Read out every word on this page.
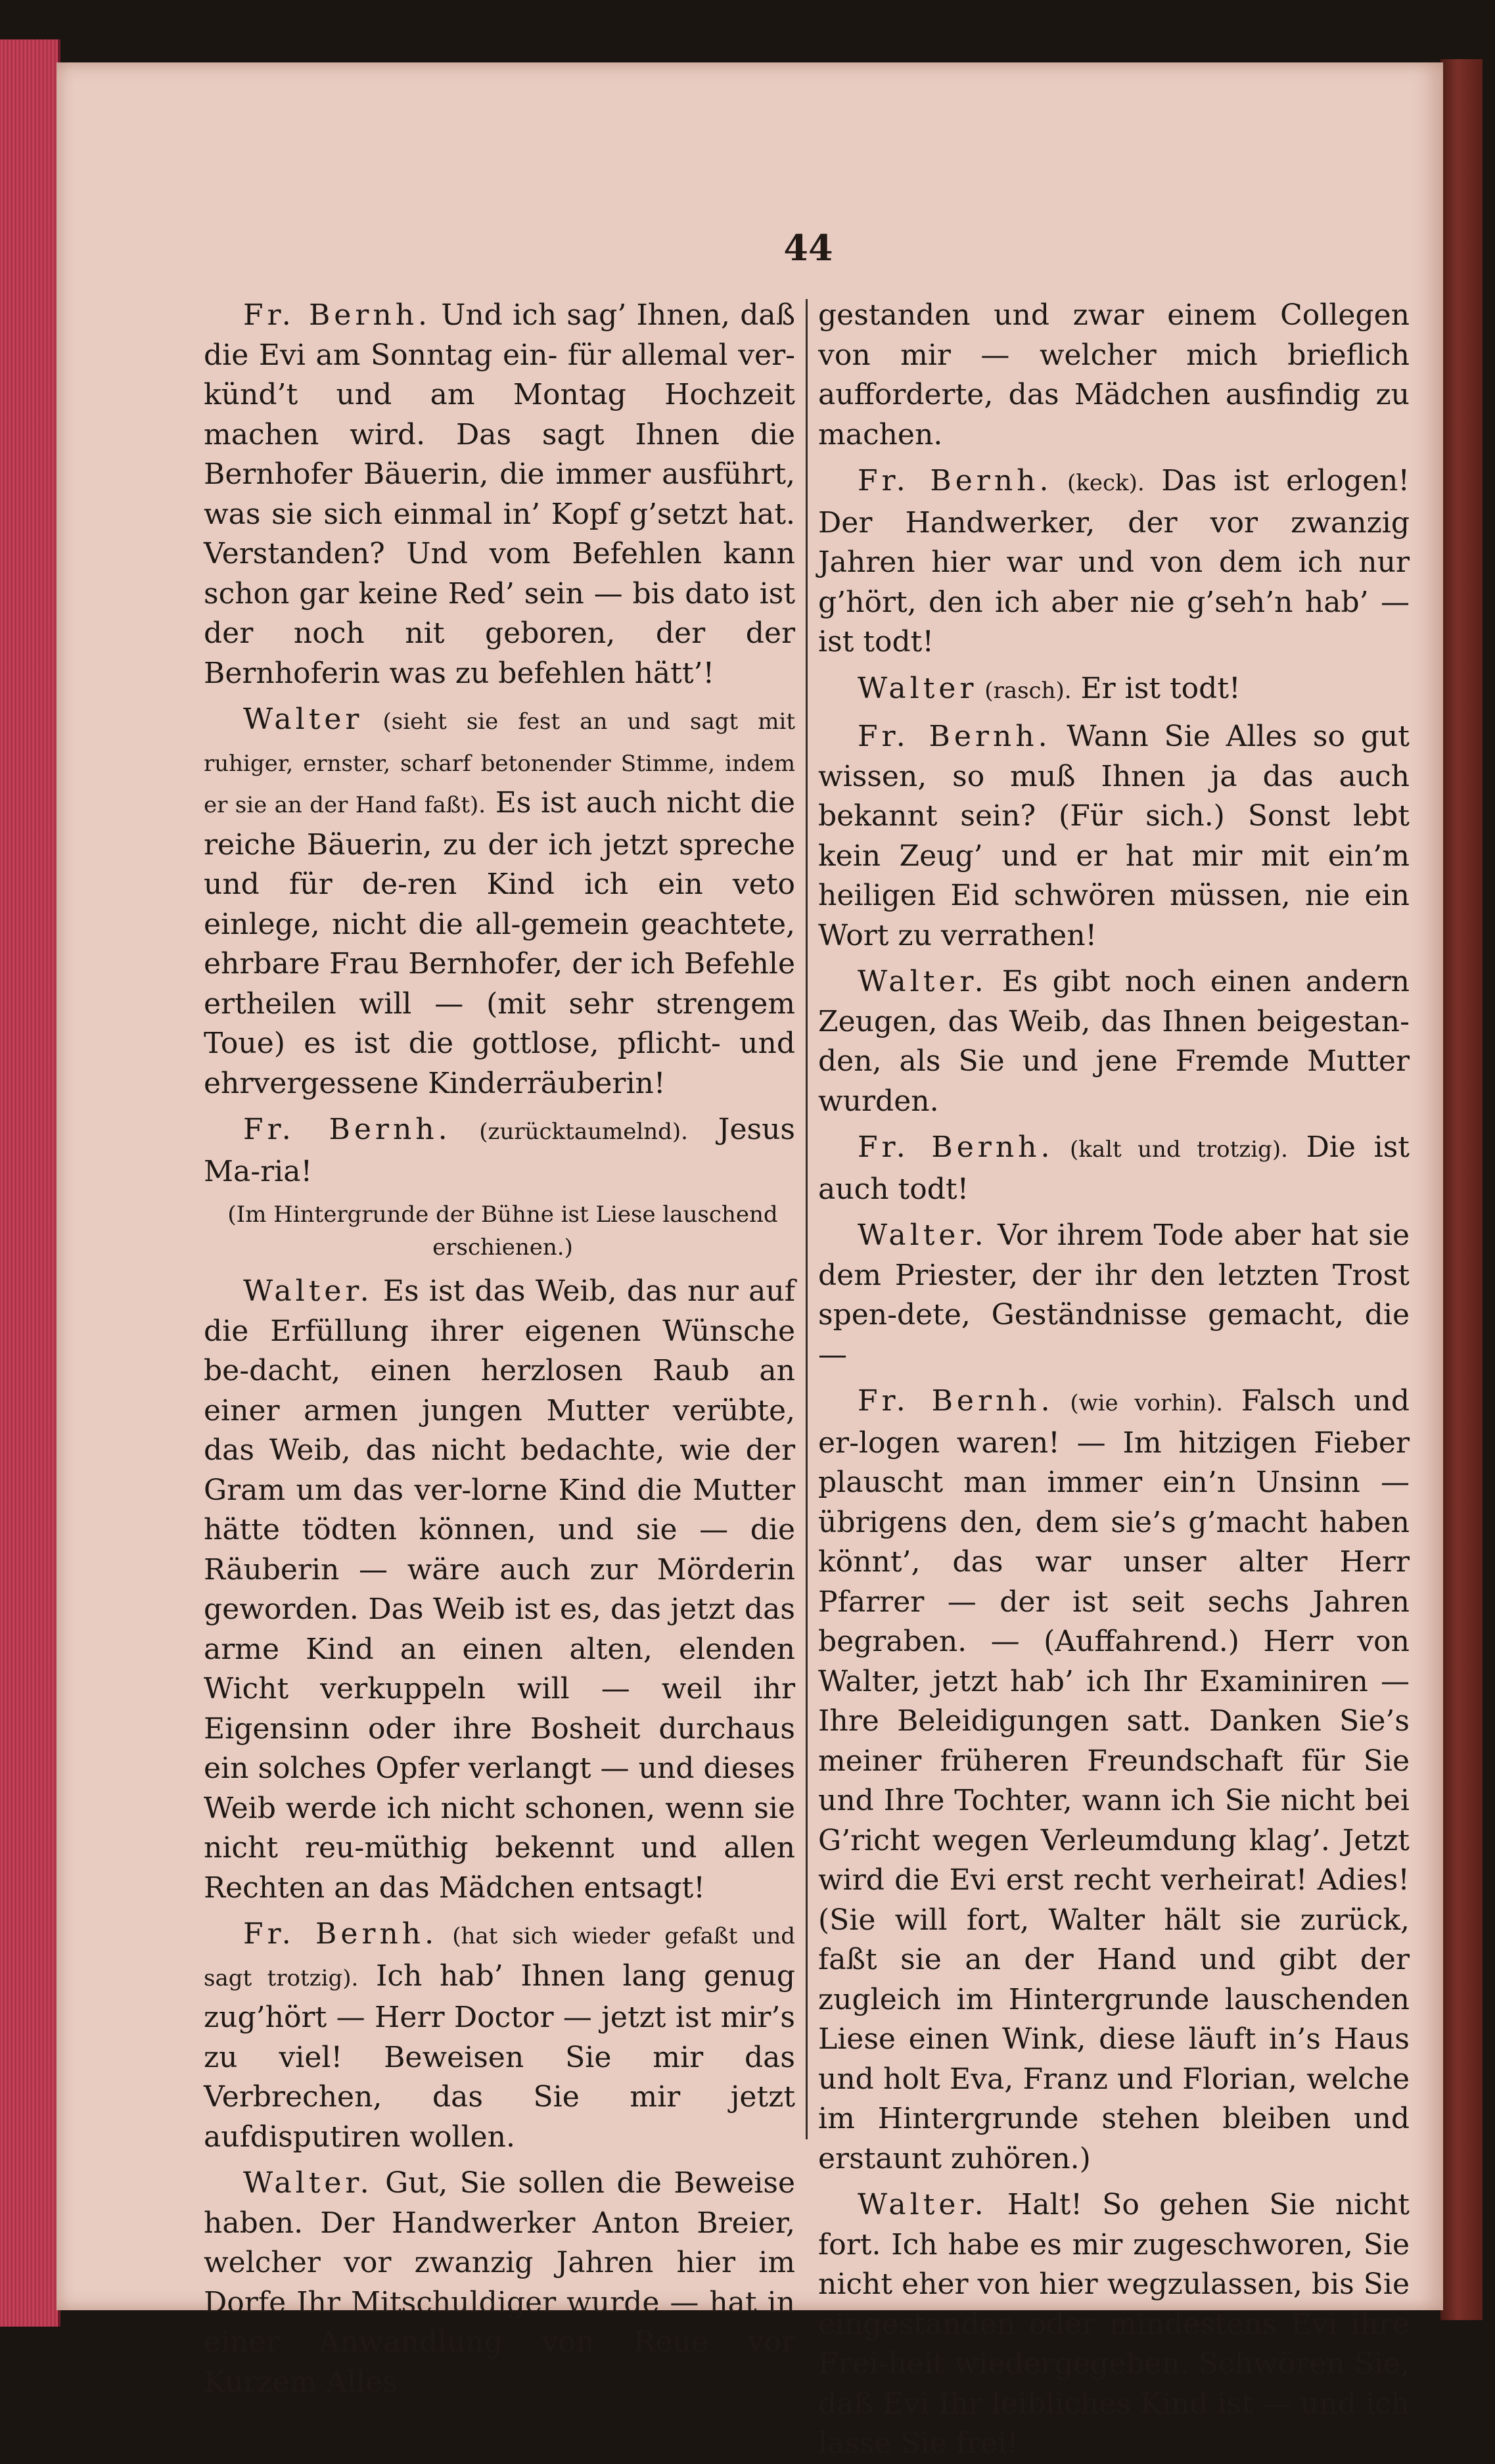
44

Fr. Bernh. Und ich sag’ Ihnen, daß die Evi am Sonntag ein- für allemal ver-künd’t und am Montag Hochzeit machen wird. Das sagt Ihnen die Bernhofer Bäuerin, die immer ausführt, was sie sich einmal in’ Kopf g’setzt hat. Verstanden? Und vom Befehlen kann schon gar keine Red’ sein — bis dato ist der noch nit geboren, der der Bernhoferin was zu befehlen hätt’!

Walter (sieht sie fest an und sagt mit ruhiger, ernster, scharf betonender Stimme, indem er sie an der Hand faßt). Es ist auch nicht die reiche Bäuerin, zu der ich jetzt spreche und für de-ren Kind ich ein veto einlege, nicht die all-gemein geachtete, ehrbare Frau Bernhofer, der ich Befehle ertheilen will — (mit sehr strengem Toue) es ist die gottlose, pflicht- und ehrvergessene Kinderräuberin!

Fr. Bernh. (zurücktaumelnd). Jesus Ma-ria!

(Im Hintergrunde der Bühne ist Liese lauschend erschienen.)

Walter. Es ist das Weib, das nur auf die Erfüllung ihrer eigenen Wünsche be-dacht, einen herzlosen Raub an einer armen jungen Mutter verübte, das Weib, das nicht bedachte, wie der Gram um das ver-lorne Kind die Mutter hätte tödten können, und sie — die Räuberin — wäre auch zur Mörderin geworden. Das Weib ist es, das jetzt das arme Kind an einen alten, elenden Wicht verkuppeln will — weil ihr Eigensinn oder ihre Bosheit durchaus ein solches Opfer verlangt — und dieses Weib werde ich nicht schonen, wenn sie nicht reu-müthig bekennt und allen Rechten an das Mädchen entsagt!

Fr. Bernh. (hat sich wieder gefaßt und sagt trotzig). Ich hab’ Ihnen lang genug zug’hört — Herr Doctor — jetzt ist mir’s zu viel! Beweisen Sie mir das Verbrechen, das Sie mir jetzt aufdisputiren wollen.

Walter. Gut, Sie sollen die Beweise haben. Der Handwerker Anton Breier, welcher vor zwanzig Jahren hier im Dorfe Ihr Mitschuldiger wurde — hat in einer Anwandlung von Reue vor Kurzem Alles

gestanden und zwar einem Collegen von mir — welcher mich brieflich aufforderte, das Mädchen ausfindig zu machen.

Fr. Bernh. (keck). Das ist erlogen! Der Handwerker, der vor zwanzig Jahren hier war und von dem ich nur g’hört, den ich aber nie g’seh’n hab’ — ist todt!

Walter (rasch). Er ist todt!

Fr. Bernh. Wann Sie Alles so gut wissen, so muß Ihnen ja das auch bekannt sein? (Für sich.) Sonst lebt kein Zeug’ und er hat mir mit ein’m heiligen Eid schwören müssen, nie ein Wort zu verrathen!

Walter. Es gibt noch einen andern Zeugen, das Weib, das Ihnen beigestan-den, als Sie und jene Fremde Mutter wurden.

Fr. Bernh. (kalt und trotzig). Die ist auch todt!

Walter. Vor ihrem Tode aber hat sie dem Priester, der ihr den letzten Trost spen-dete, Geständnisse gemacht, die —

Fr. Bernh. (wie vorhin). Falsch und er-logen waren! — Im hitzigen Fieber plauscht man immer ein’n Unsinn — übrigens den, dem sie’s g’macht haben könnt’, das war unser alter Herr Pfarrer — der ist seit sechs Jahren begraben. — (Auffahrend.) Herr von Walter, jetzt hab’ ich Ihr Examiniren — Ihre Beleidigungen satt. Danken Sie’s meiner früheren Freundschaft für Sie und Ihre Tochter, wann ich Sie nicht bei G’richt wegen Verleumdung klag’. Jetzt wird die Evi erst recht verheirat! Adies! (Sie will fort, Walter hält sie zurück, faßt sie an der Hand und gibt der zugleich im Hintergrunde lauschenden Liese einen Wink, diese läuft in’s Haus und holt Eva, Franz und Florian, welche im Hintergrunde stehen bleiben und erstaunt zuhören.)

Walter. Halt! So gehen Sie nicht fort. Ich habe es mir zugeschworen, Sie nicht eher von hier wegzulassen, bis Sie eingestanden oder mindestens Evi ihre Frei-heit wiedergegeben. Schwören Sie, daß Evi Ihr leibliches Kind ist — und ich lasse Sie frei!
